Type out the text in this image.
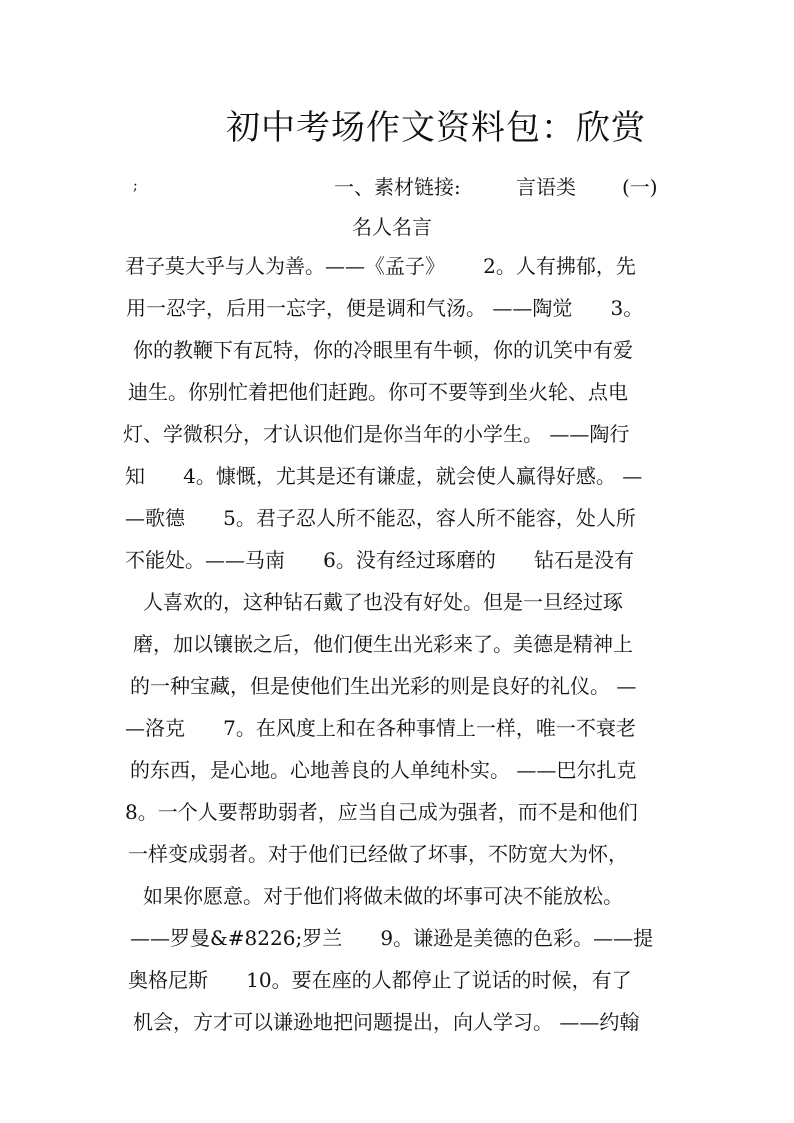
初中考场作文资料包：欣赏
;	一、素材链接:	言语类 (一)
名人名言
君子莫大乎与人为善。——《孟子》      2。人有拂郁，先
用一忍字，后用一忘字，便是调和气汤。 ——陶觉      3。
你的教鞭下有瓦特，你的冷眼里有牛顿，你的讥笑中有爱
迪生。你别忙着把他们赶跑。你可不要等到坐火轮、点电
灯、学微积分，才认识他们是你当年的小学生。 ——陶行
知      4。慷慨，尤其是还有谦虚，就会使人赢得好感。 —
—歌德      5。君子忍人所不能忍，容人所不能容，处人所
不能处。——马南      6。没有经过琢磨的      钻石是没有
人喜欢的，这种钻石戴了也没有好处。但是一旦经过琢
磨，加以镶嵌之后，他们便生出光彩来了。美德是精神上
的一种宝藏，但是使他们生出光彩的则是良好的礼仪。 —
—洛克      7。在风度上和在各种事情上一样，唯一不衰老
的东西，是心地。心地善良的人单纯朴实。 ——巴尔扎克
8。一个人要帮助弱者，应当自己成为强者，而不是和他们
一样变成弱者。对于他们已经做了坏事，不防宽大为怀，
如果你愿意。对于他们将做未做的坏事可决不能放松。
——罗曼&#8226;罗兰      9。谦逊是美德的色彩。——提
奥格尼斯      10。要在座的人都停止了说话的时候，有了
机会，方才可以谦逊地把问题提出，向人学习。 ——约翰
